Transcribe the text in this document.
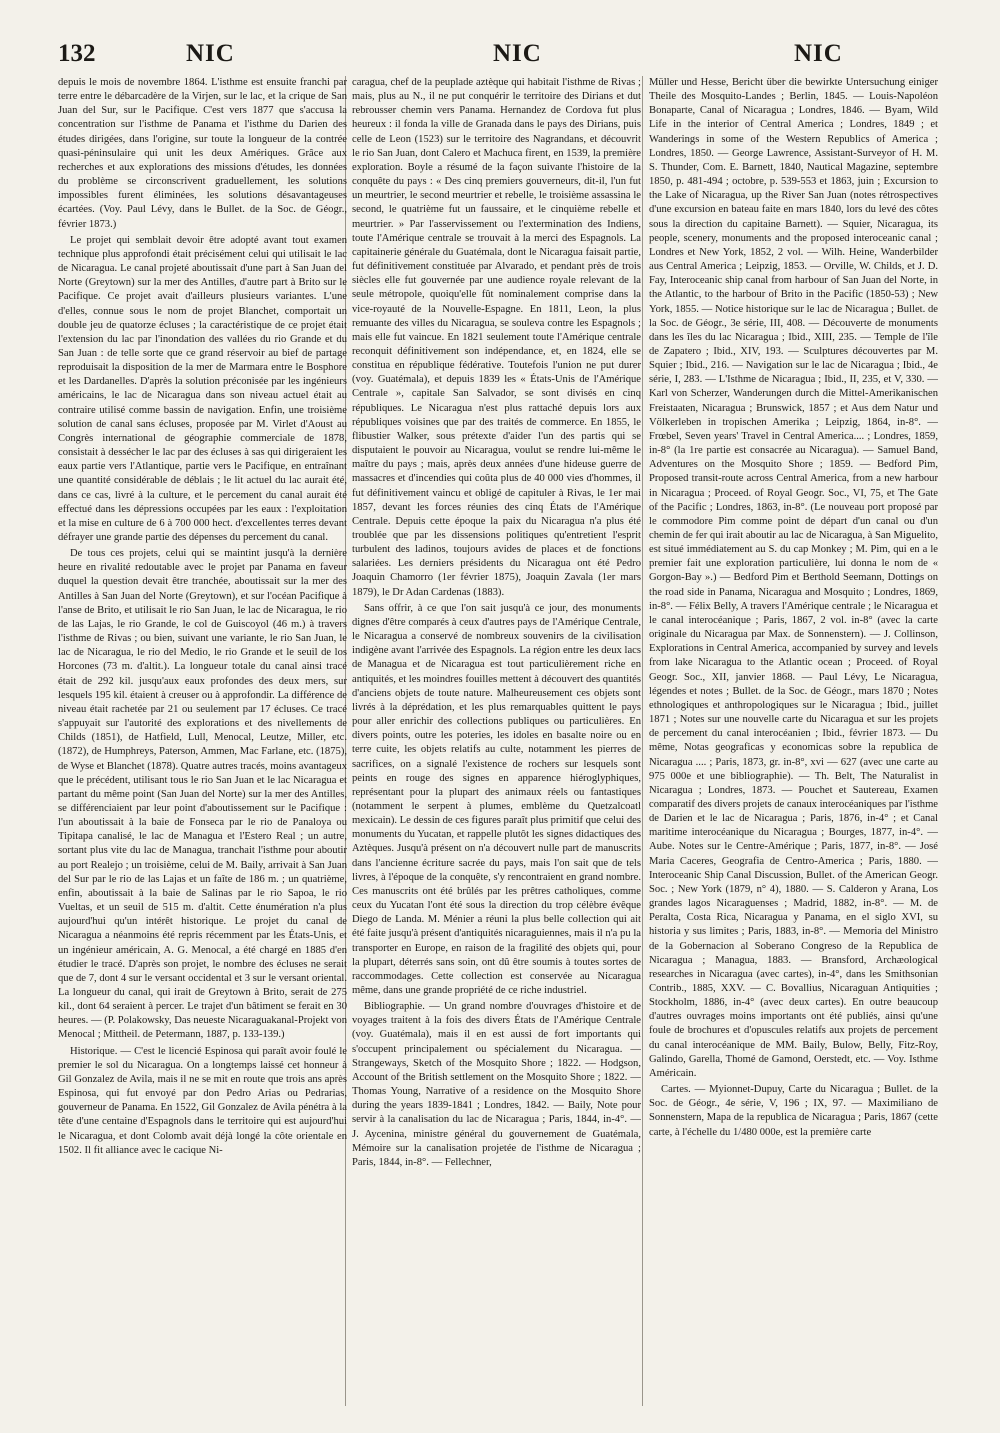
132	NIC	NIC	NIC

depuis le mois de novembre 1864. L'isthme est ensuite franchi par terre entre le débarcadère de la Virjen, sur le lac, et la crique de San Juan del Sur, sur le Pacifique. C'est vers 1877 que s'accusa la concentration sur l'isthme de Panama et l'isthme du Darien des études dirigées, dans l'origine, sur toute la longueur de la contrée quasi-péninsulaire qui unit les deux Amériques. Grâce aux recherches et aux explorations des missions d'études, les données du problème se circonscrivent graduellement, les solutions impossibles furent éliminées, les solutions désavantageuses écartées. (Voy. Paul Lévy, dans le Bullet. de la Soc. de Géogr., février 1873.)

Le projet qui semblait devoir être adopté avant tout examen technique plus approfondi était précisément celui qui utilisait le lac de Nicaragua. Le canal projeté aboutissait d'une part à San Juan del Norte (Greytown) sur la mer des Antilles, d'autre part à Brito sur le Pacifique. Ce projet avait d'ailleurs plusieurs variantes. L'une d'elles, connue sous le nom de projet Blanchet, comportait un double jeu de quatorze écluses ; la caractéristique de ce projet était l'extension du lac par l'inondation des vallées du rio Grande et du San Juan : de telle sorte que ce grand réservoir au bief de partage reproduisait la disposition de la mer de Marmara entre le Bosphore et les Dardanelles. D'après la solution préconisée par les ingénieurs américains, le lac de Nicaragua dans son niveau actuel était au contraire utilisé comme bassin de navigation. Enfin, une troisième solution de canal sans écluses, proposée par M. Virlet d'Aoust au Congrès international de géographie commerciale de 1878, consistait à dessécher le lac par des écluses à sas qui dirigeraient les eaux partie vers l'Atlantique, partie vers le Pacifique, en entraînant une quantité considérable de déblais ; le lit actuel du lac aurait été, dans ce cas, livré à la culture, et le percement du canal aurait été effectué dans les dépressions occupées par les eaux : l'exploitation et la mise en culture de 6 à 700 000 hect. d'excellentes terres devant défrayer une grande partie des dépenses du percement du canal.

De tous ces projets, celui qui se maintint jusqu'à la dernière heure en rivalité redoutable avec le projet par Panama en faveur duquel la question devait être tranchée, aboutissait sur la mer des Antilles à San Juan del Norte (Greytown), et sur l'océan Pacifique à l'anse de Brito, et utilisait le rio San Juan, le lac de Nicaragua, le rio de las Lajas, le rio Grande, le col de Guiscoyol (46 m.) à travers l'isthme de Rivas ; ou bien, suivant une variante, le rio San Juan, le lac de Nicaragua, le rio del Medio, le rio Grande et le seuil de los Horcones (73 m. d'altit.). La longueur totale du canal ainsi tracé était de 292 kil. jusqu'aux eaux profondes des deux mers, sur lesquels 195 kil. étaient à creuser ou à approfondir. La différence de niveau était rachetée par 21 ou seulement par 17 écluses. Ce tracé s'appuyait sur l'autorité des explorations et des nivellements de Childs (1851), de Hatfield, Lull, Menocal, Leutze, Miller, etc. (1872), de Humphreys, Paterson, Ammen, Mac Farlane, etc. (1875), de Wyse et Blanchet (1878). Quatre autres tracés, moins avantageux que le précédent, utilisant tous le rio San Juan et le lac Nicaragua et partant du même point (San Juan del Norte) sur la mer des Antilles, se différenciaient par leur point d'aboutissement sur le Pacifique : l'un aboutissait à la baie de Fonseca par le rio de Panaloya ou Tipitapa canalisé, le lac de Managua et l'Estero Real ; un autre, sortant plus vite du lac de Managua, tranchait l'isthme pour aboutir au port Realejo ; un troisième, celui de M. Baily, arrivait à San Juan del Sur par le rio de las Lajas et un faîte de 186 m. ; un quatrième, enfin, aboutissait à la baie de Salinas par le rio Sapoa, le rio Vueltas, et un seuil de 515 m. d'altit. Cette énumération n'a plus aujourd'hui qu'un intérêt historique. Le projet du canal de Nicaragua a néanmoins été repris récemment par les États-Unis, et un ingénieur américain, A. G. Menocal, a été chargé en 1885 d'en étudier le tracé. D'après son projet, le nombre des écluses ne serait que de 7, dont 4 sur le versant occidental et 3 sur le versant oriental. La longueur du canal, qui irait de Greytown à Brito, serait de 275 kil., dont 64 seraient à percer. Le trajet d'un bâtiment se ferait en 30 heures. — (P. Polakowsky, Das neueste Nicaraguakanal-Projekt von Menocal ; Mittheil. de Petermann, 1887, p. 133-139.)

Historique. — C'est le licencié Espinosa qui paraît avoir foulé le premier le sol du Nicaragua. On a longtemps laissé cet honneur à Gil Gonzalez de Avila, mais il ne se mit en route que trois ans après Espinosa, qui fut envoyé par don Pedro Arias ou Pedrarias, gouverneur de Panama. En 1522, Gil Gonzalez de Avila pénétra à la tête d'une centaine d'Espagnols dans le territoire qui est aujourd'hui le Nicaragua, et dont Colomb avait déjà longé la côte orientale en 1502. Il fit alliance avec le cacique Ni-

caragua, chef de la peuplade aztèque qui habitait l'isthme de Rivas ; mais, plus au N., il ne put conquérir le territoire des Dirians et dut rebrousser chemin vers Panama. Hernandez de Cordova fut plus heureux : il fonda la ville de Granada dans le pays des Dirians, puis celle de Leon (1523) sur le territoire des Nagrandans, et découvrit le rio San Juan, dont Calero et Machuca firent, en 1539, la première exploration. Boyle a résumé de la façon suivante l'histoire de la conquête du pays : « Des cinq premiers gouverneurs, dit-il, l'un fut un meurtrier, le second meurtrier et rebelle, le troisième assassina le second, le quatrième fut un faussaire, et le cinquième rebelle et meurtrier. » Par l'asservissement ou l'extermination des Indiens, toute l'Amérique centrale se trouvait à la merci des Espagnols. La capitainerie générale du Guatémala, dont le Nicaragua faisait partie, fut définitivement constituée par Alvarado, et pendant près de trois siècles elle fut gouvernée par une audience royale relevant de la seule métropole, quoiqu'elle fût nominalement comprise dans la vice-royauté de la Nouvelle-Espagne. En 1811, Leon, la plus remuante des villes du Nicaragua, se souleva contre les Espagnols ; mais elle fut vaincue. En 1821 seulement toute l'Amérique centrale reconquit définitivement son indépendance, et, en 1824, elle se constitua en république fédérative. Toutefois l'union ne put durer (voy. Guatémala), et depuis 1839 les « États-Unis de l'Amérique Centrale », capitale San Salvador, se sont divisés en cinq républiques. Le Nicaragua n'est plus rattaché depuis lors aux républiques voisines que par des traités de commerce. En 1855, le flibustier Walker, sous prétexte d'aider l'un des partis qui se disputaient le pouvoir au Nicaragua, voulut se rendre lui-même le maître du pays ; mais, après deux années d'une hideuse guerre de massacres et d'incendies qui coûta plus de 40 000 vies d'hommes, il fut définitivement vaincu et obligé de capituler à Rivas, le 1er mai 1857, devant les forces réunies des cinq États de l'Amérique Centrale. Depuis cette époque la paix du Nicaragua n'a plus été troublée que par les dissensions politiques qu'entretient l'esprit turbulent des ladinos, toujours avides de places et de fonctions salariées. Les derniers présidents du Nicaragua ont été Pedro Joaquin Chamorro (1er février 1875), Joaquin Zavala (1er mars 1879), le Dr Adan Cardenas (1883).

Sans offrir, à ce que l'on sait jusqu'à ce jour, des monuments dignes d'être comparés à ceux d'autres pays de l'Amérique Centrale, le Nicaragua a conservé de nombreux souvenirs de la civilisation indigène avant l'arrivée des Espagnols. La région entre les deux lacs de Managua et de Nicaragua est tout particulièrement riche en antiquités, et les moindres fouilles mettent à découvert des quantités d'anciens objets de toute nature. Malheureusement ces objets sont livrés à la déprédation, et les plus remarquables quittent le pays pour aller enrichir des collections publiques ou particulières. En divers points, outre les poteries, les idoles en basalte noire ou en terre cuite, les objets relatifs au culte, notamment les pierres de sacrifices, on a signalé l'existence de rochers sur lesquels sont peints en rouge des signes en apparence hiéroglyphiques, représentant pour la plupart des animaux réels ou fantastiques (notamment le serpent à plumes, emblème du Quetzalcoatl mexicain). Le dessin de ces figures paraît plus primitif que celui des monuments du Yucatan, et rappelle plutôt les signes didactiques des Aztèques. Jusqu'à présent on n'a découvert nulle part de manuscrits dans l'ancienne écriture sacrée du pays, mais l'on sait que de tels livres, à l'époque de la conquête, s'y rencontraient en grand nombre. Ces manuscrits ont été brûlés par les prêtres catholiques, comme ceux du Yucatan l'ont été sous la direction du trop célèbre évêque Diego de Landa. M. Ménier a réuni la plus belle collection qui ait été faite jusqu'à présent d'antiquités nicaraguiennes, mais il n'a pu la transporter en Europe, en raison de la fragilité des objets qui, pour la plupart, déterrés sans soin, ont dû être soumis à toutes sortes de raccommodages. Cette collection est conservée au Nicaragua même, dans une grande propriété de ce riche industriel.

Bibliographie. — Un grand nombre d'ouvrages d'histoire et de voyages traitent à la fois des divers États de l'Amérique Centrale (voy. Guatémala), mais il en est aussi de fort importants qui s'occupent principalement ou spécialement du Nicaragua. — Strangeways, Sketch of the Mosquito Shore ; 1822. — Hodgson, Account of the British settlement on the Mosquito Shore ; 1822. — Thomas Young, Narrative of a residence on the Mosquito Shore during the years 1839-1841 ; Londres, 1842. — Baily, Note pour servir à la canalisation du lac de Nicaragua ; Paris, 1844, in-4°. — J. Aycenina, ministre général du gouvernement de Guatémala, Mémoire sur la canalisation projetée de l'isthme de Nicaragua ; Paris, 1844, in-8°. — Fellechner,

Müller und Hesse, Bericht über die bewirkte Untersuchung einiger Theile des Mosquito-Landes ; Berlin, 1845. — Louis-Napoléon Bonaparte, Canal of Nicaragua ; Londres, 1846. — Byam, Wild Life in the interior of Central America ; Londres, 1849 ; et Wanderings in some of the Western Republics of America ; Londres, 1850. — George Lawrence, Assistant-Surveyor of H. M. S. Thunder, Com. E. Barnett, 1840, Nautical Magazine, septembre 1850, p. 481-494 ; octobre, p. 539-553 et 1863, juin ; Excursion to the Lake of Nicaragua, up the River San Juan (notes rétrospectives d'une excursion en bateau faite en mars 1840, lors du levé des côtes sous la direction du capitaine Barnett). — Squier, Nicaragua, its people, scenery, monuments and the proposed interoceanic canal ; Londres et New York, 1852, 2 vol. — Wilh. Heine, Wanderbilder aus Central America ; Leipzig, 1853. — Orville, W. Childs, et J. D. Fay, Interoceanic ship canal from harbour of San Juan del Norte, in the Atlantic, to the harbour of Brito in the Pacific (1850-53) ; New York, 1855. — Notice historique sur le lac de Nicaragua ; Bullet. de la Soc. de Géogr., 3e série, III, 408. — Découverte de monuments dans les îles du lac Nicaragua ; Ibid., XIII, 235. — Temple de l'île de Zapatero ; Ibid., XIV, 193. — Sculptures découvertes par M. Squier ; Ibid., 216. — Navigation sur le lac de Nicaragua ; Ibid., 4e série, I, 283. — L'Isthme de Nicaragua ; Ibid., II, 235, et V, 330. — Karl von Scherzer, Wanderungen durch die Mittel-Amerikanischen Freistaaten, Nicaragua ; Brunswick, 1857 ; et Aus dem Natur und Völkerleben in tropischen Amerika ; Leipzig, 1864, in-8°. — Frœbel, Seven years' Travel in Central America.... ; Londres, 1859, in-8° (la 1re partie est consacrée au Nicaragua). — Samuel Band, Adventures on the Mosquito Shore ; 1859. — Bedford Pim, Proposed transit-route across Central America, from a new harbour in Nicaragua ; Proceed. of Royal Geogr. Soc., VI, 75, et The Gate of the Pacific ; Londres, 1863, in-8°. (Le nouveau port proposé par le commodore Pim comme point de départ d'un canal ou d'un chemin de fer qui irait aboutir au lac de Nicaragua, à San Miguelito, est situé immédiatement au S. du cap Monkey ; M. Pim, qui en a le premier fait une exploration particulière, lui donna le nom de « Gorgon-Bay ».) — Bedford Pim et Berthold Seemann, Dottings on the road side in Panama, Nicaragua and Mosquito ; Londres, 1869, in-8°. — Félix Belly, A travers l'Amérique centrale ; le Nicaragua et le canal interocéanique ; Paris, 1867, 2 vol. in-8° (avec la carte originale du Nicaragua par Max. de Sonnenstern). — J. Collinson, Explorations in Central America, accompanied by survey and levels from lake Nicaragua to the Atlantic ocean ; Proceed. of Royal Geogr. Soc., XII, janvier 1868. — Paul Lévy, Le Nicaragua, légendes et notes ; Bullet. de la Soc. de Géogr., mars 1870 ; Notes ethnologiques et anthropologiques sur le Nicaragua ; Ibid., juillet 1871 ; Notes sur une nouvelle carte du Nicaragua et sur les projets de percement du canal interocéanien ; Ibid., février 1873. — Du même, Notas geograficas y economicas sobre la republica de Nicaragua .... ; Paris, 1873, gr. in-8°, xvi — 627 (avec une carte au 975 000e et une bibliographie). — Th. Belt, The Naturalist in Nicaragua ; Londres, 1873. — Pouchet et Sautereau, Examen comparatif des divers projets de canaux interocéaniques par l'isthme de Darien et le lac de Nicaragua ; Paris, 1876, in-4° ; et Canal maritime interocéanique du Nicaragua ; Bourges, 1877, in-4°. — Aube. Notes sur le Centre-Amérique ; Paris, 1877, in-8°. — José Maria Caceres, Geografia de Centro-America ; Paris, 1880. — Interoceanic Ship Canal Discussion, Bullet. of the American Geogr. Soc. ; New York (1879, n° 4), 1880. — S. Calderon y Arana, Los grandes lagos Nicaraguenses ; Madrid, 1882, in-8°. — M. de Peralta, Costa Rica, Nicaragua y Panama, en el siglo XVI, su historia y sus limites ; Paris, 1883, in-8°. — Memoria del Ministro de la Gobernacion al Soberano Congreso de la Republica de Nicaragua ; Managua, 1883. — Bransford, Archæological researches in Nicaragua (avec cartes), in-4°, dans les Smithsonian Contrib., 1885, XXV. — C. Bovallius, Nicaraguan Antiquities ; Stockholm, 1886, in-4° (avec deux cartes). En outre beaucoup d'autres ouvrages moins importants ont été publiés, ainsi qu'une foule de brochures et d'opuscules relatifs aux projets de percement du canal interocéanique de MM. Baily, Bulow, Belly, Fitz-Roy, Galindo, Garella, Thomé de Gamond, Oerstedt, etc. — Voy. Isthme Américain.

Cartes. — Myionnet-Dupuy, Carte du Nicaragua ; Bullet. de la Soc. de Géogr., 4e série, V, 196 ; IX, 97. — Maximiliano de Sonnenstern, Mapa de la republica de Nicaragua ; Paris, 1867 (cette carte, à l'échelle du 1/480 000e, est la première carte
